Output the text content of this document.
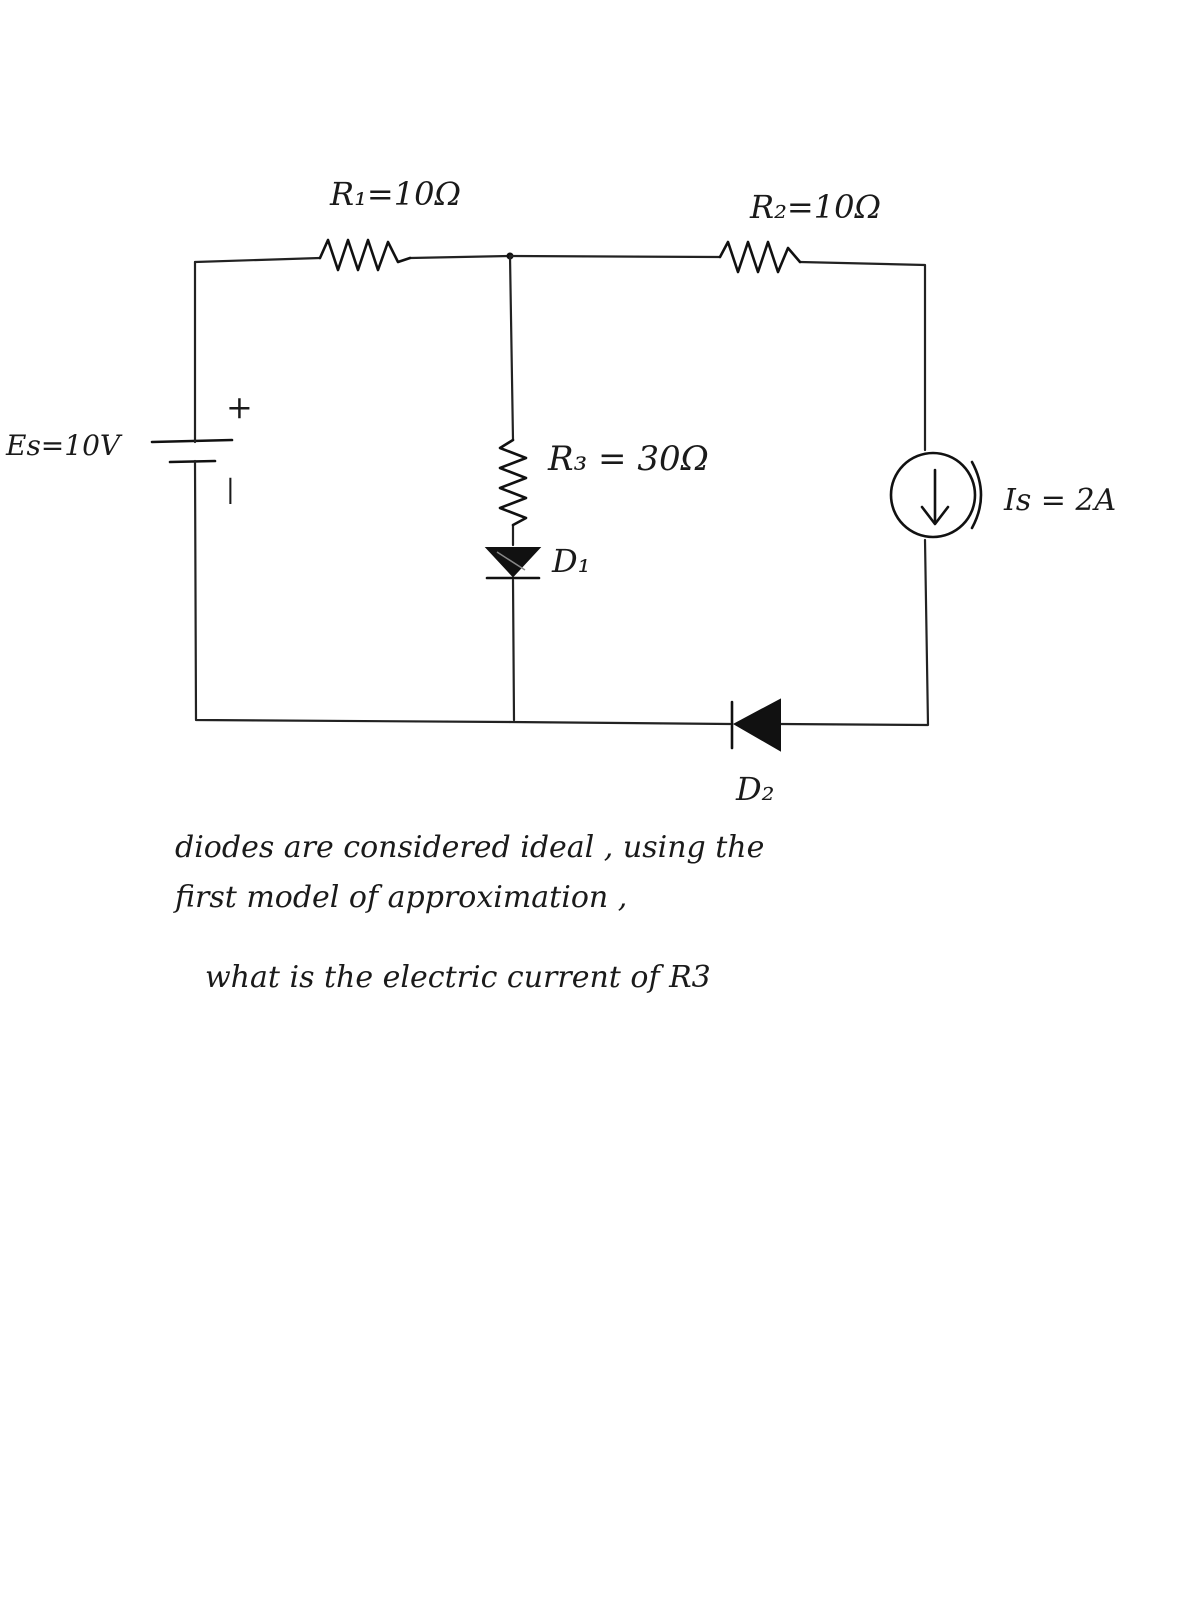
R₁=10Ω	R₂=10Ω
R₃ = 30Ω
D₁
D₂
Es=10V
+
|	Is = 2A
diodes are considered ideal , using the
first model of approximation ,
what is the electric current of R3
